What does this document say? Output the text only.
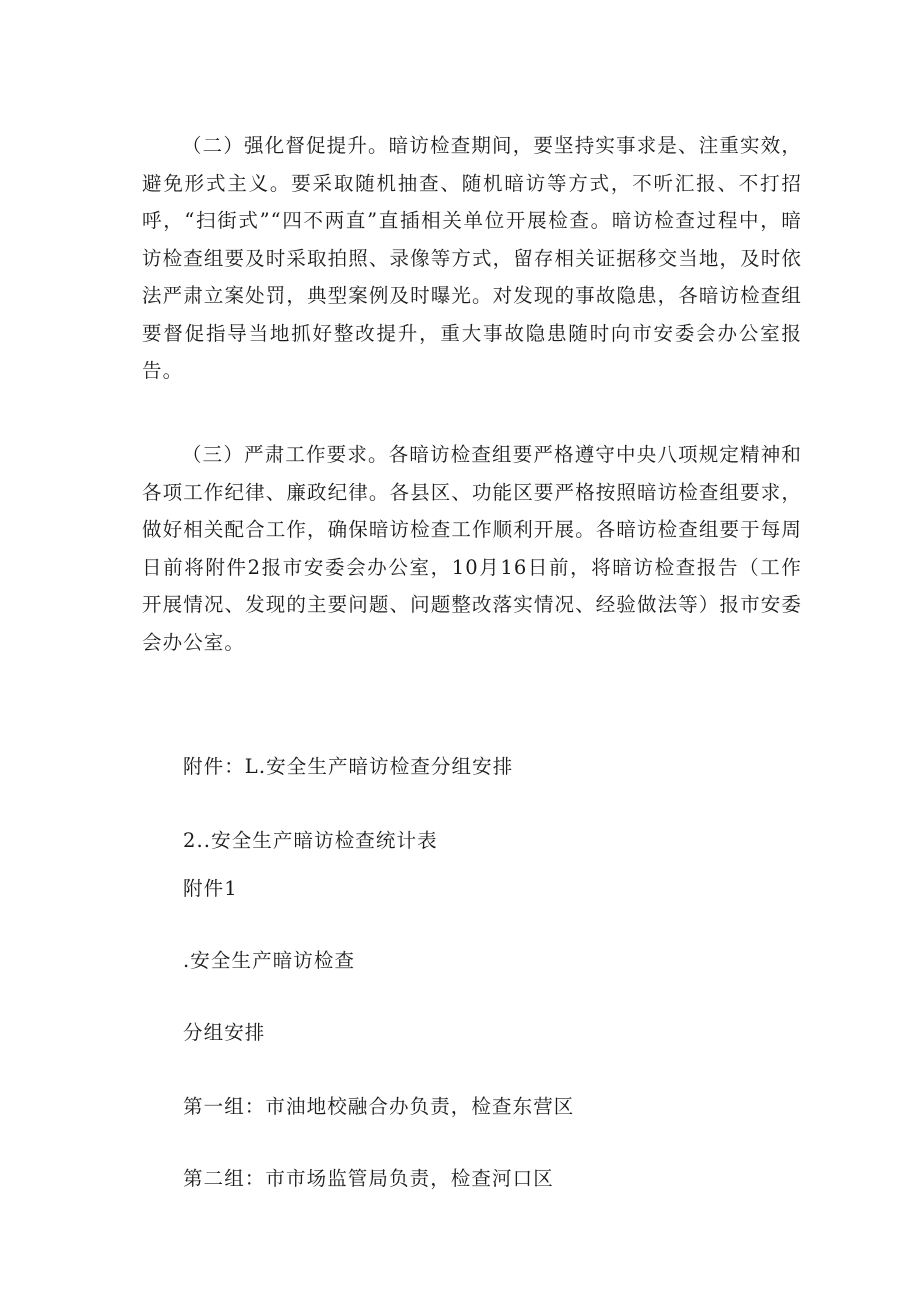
（二）强化督促提升。暗访检查期间，要坚持实事求是、注重实效，避免形式主义。要采取随机抽查、随机暗访等方式，不听汇报、不打招呼，“扫街式”“四不两直”直插相关单位开展检查。暗访检查过程中，暗访检查组要及时采取拍照、录像等方式，留存相关证据移交当地，及时依法严肃立案处罚，典型案例及时曝光。对发现的事故隐患，各暗访检查组要督促指导当地抓好整改提升，重大事故隐患随时向市安委会办公室报告。

（三）严肃工作要求。各暗访检查组要严格遵守中央八项规定精神和各项工作纪律、廉政纪律。各县区、功能区要严格按照暗访检查组要求，做好相关配合工作，确保暗访检查工作顺利开展。各暗访检查组要于每周日前将附件2报市安委会办公室，10月16日前，将暗访检查报告（工作开展情况、发现的主要问题、问题整改落实情况、经验做法等）报市安委会办公室。

附件：L.安全生产暗访检查分组安排

2..安全生产暗访检查统计表

附件1

.安全生产暗访检查

分组安排

第一组：市油地校融合办负责，检查东营区

第二组：市市场监管局负责，检查河口区
